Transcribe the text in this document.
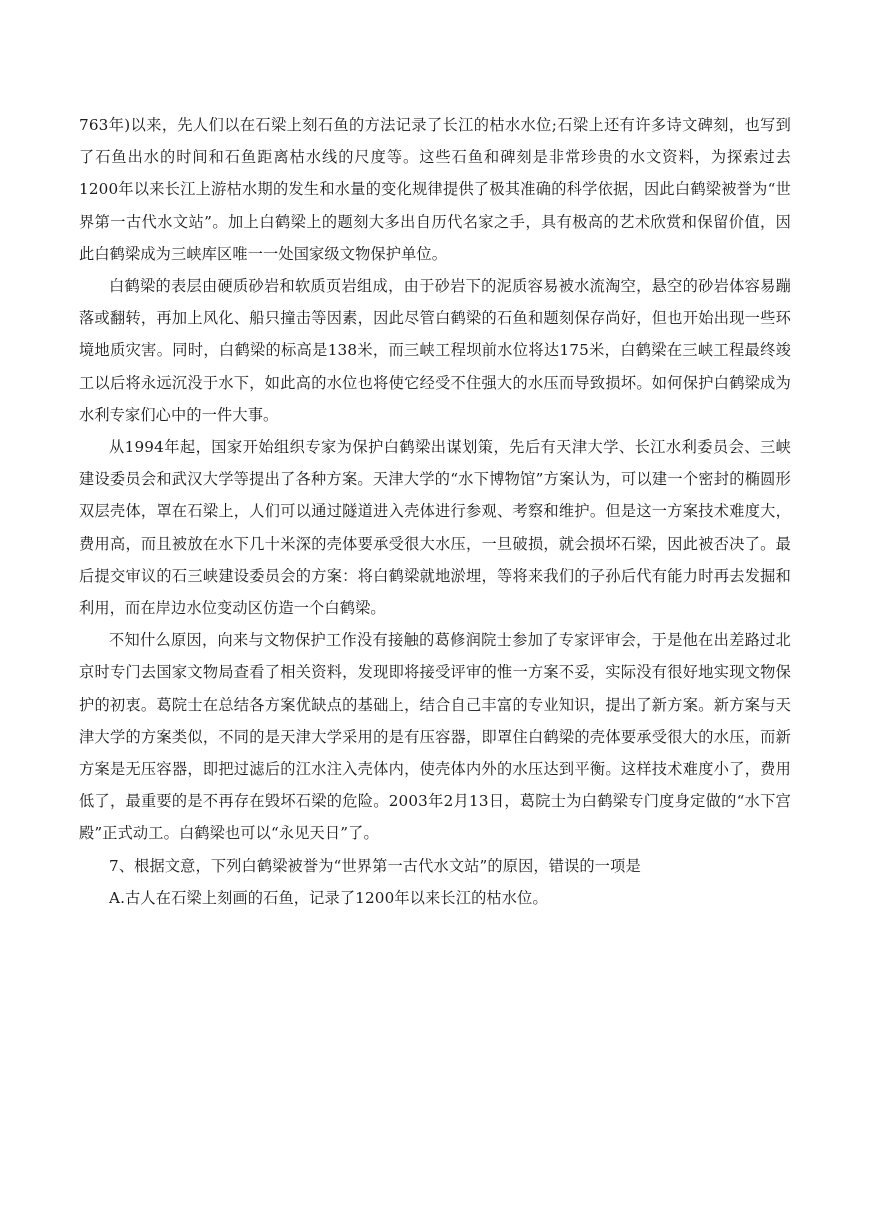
763年)以来，先人们以在石梁上刻石鱼的方法记录了长江的枯水水位;石梁上还有许多诗文碑刻，也写到了石鱼出水的时间和石鱼距离枯水线的尺度等。这些石鱼和碑刻是非常珍贵的水文资料，为探索过去1200年以来长江上游枯水期的发生和水量的变化规律提供了极其准确的科学依据，因此白鹤梁被誉为“世界第一古代水文站”。加上白鹤梁上的题刻大多出自历代名家之手，具有极高的艺术欣赏和保留价值，因此白鹤梁成为三峡库区唯一一处国家级文物保护单位。

白鹤梁的表层由硬质砂岩和软质页岩组成，由于砂岩下的泥质容易被水流淘空，悬空的砂岩体容易蹦落或翻转，再加上风化、船只撞击等因素，因此尽管白鹤梁的石鱼和题刻保存尚好，但也开始出现一些环境地质灾害。同时，白鹤梁的标高是138米，而三峡工程坝前水位将达175米，白鹤梁在三峡工程最终竣工以后将永远沉没于水下，如此高的水位也将使它经受不住强大的水压而导致损坏。如何保护白鹤梁成为水利专家们心中的一件大事。

从1994年起，国家开始组织专家为保护白鹤梁出谋划策，先后有天津大学、长江水利委员会、三峡建设委员会和武汉大学等提出了各种方案。天津大学的“水下博物馆”方案认为，可以建一个密封的椭圆形双层壳体，罩在石梁上，人们可以通过隧道进入壳体进行参观、考察和维护。但是这一方案技术难度大，费用高，而且被放在水下几十米深的壳体要承受很大水压，一旦破损，就会损坏石梁，因此被否决了。最后提交审议的石三峡建设委员会的方案：将白鹤梁就地淤埋，等将来我们的子孙后代有能力时再去发掘和利用，而在岸边水位变动区仿造一个白鹤梁。

不知什么原因，向来与文物保护工作没有接触的葛修润院士参加了专家评审会，于是他在出差路过北京时专门去国家文物局查看了相关资料，发现即将接受评审的惟一方案不妥，实际没有很好地实现文物保护的初衷。葛院士在总结各方案优缺点的基础上，结合自己丰富的专业知识，提出了新方案。新方案与天津大学的方案类似，不同的是天津大学采用的是有压容器，即罩住白鹤梁的壳体要承受很大的水压，而新方案是无压容器，即把过滤后的江水注入壳体内，使壳体内外的水压达到平衡。这样技术难度小了，费用低了，最重要的是不再存在毁坏石梁的危险。2003年2月13日，葛院士为白鹤梁专门度身定做的“水下宫殿”正式动工。白鹤梁也可以“永见天日”了。

7、根据文意，下列白鹤梁被誉为“世界第一古代水文站”的原因，错误的一项是

A.古人在石梁上刻画的石鱼，记录了1200年以来长江的枯水位。
